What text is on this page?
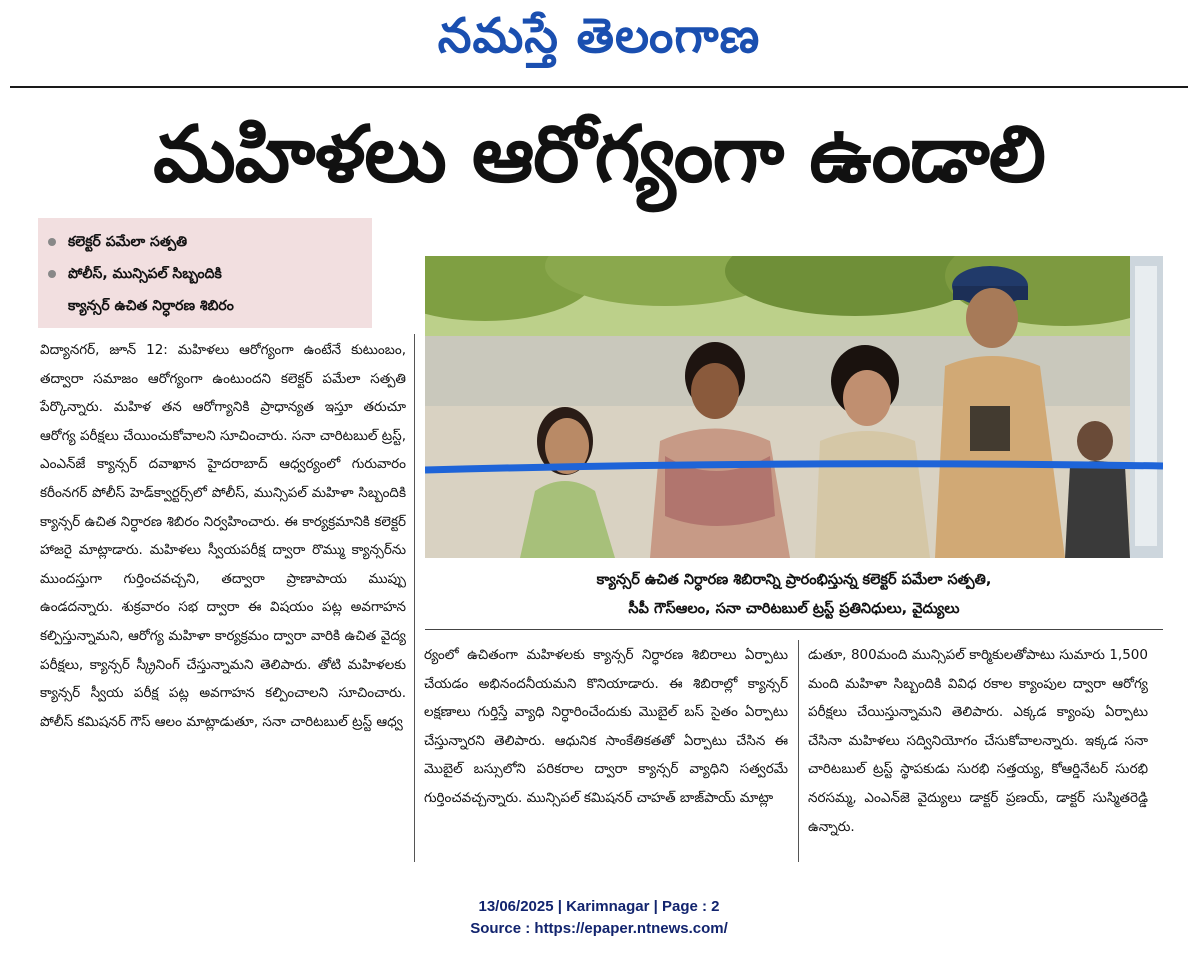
నమస్తే తెలంగాణ
మహిళలు ఆరోగ్యంగా ఉండాలి
కలెక్టర్ పమేలా సత్పతి
పోలీస్, మున్సిపల్ సిబ్బందికి
క్యాన్సర్ ఉచిత నిర్ధారణ శిబిరం
విద్యానగర్, జూన్ 12: మహిళలు ఆరోగ్యంగా ఉంటేనే కుటుంబం, తద్వారా సమాజం ఆరోగ్యంగా ఉంటుందని కలెక్టర్ పమేలా సత్పతి పేర్కొన్నారు. మహిళ తన ఆరోగ్యానికి ప్రాధాన్యత ఇస్తూ తరుచూ ఆరోగ్య పరీక్షలు చేయించుకోవాలని సూచించారు. సనా చారిటబుల్ ట్రస్ట్, ఎంఎన్‌జే క్యాన్సర్ దవాఖాన హైదరాబాద్ ఆధ్వర్యంలో గురువారం కరీంనగర్ పోలీస్ హెడ్‌క్వార్టర్స్‌లో పోలీస్, మున్సిపల్ మహిళా సిబ్బందికి క్యాన్సర్ ఉచిత నిర్ధారణ శిబిరం నిర్వహించారు. ఈ కార్యక్రమానికి కలెక్టర్ హాజరై మాట్లాడారు. మహిళలు స్వీయపరీక్ష ద్వారా రొమ్ము క్యాన్సర్‌ను ముందస్తుగా గుర్తించవచ్చని, తద్వారా ప్రాణాపాయ ముప్పు ఉండదన్నారు. శుక్రవారం సభ ద్వారా ఈ విషయం పట్ల అవగాహన కల్పిస్తున్నామని, ఆరోగ్య మహిళా కార్యక్రమం ద్వారా వారికి ఉచిత వైద్య పరీక్షలు, క్యాన్సర్ స్క్రీనింగ్ చేస్తున్నామని తెలిపారు. తోటి మహిళలకు క్యాన్సర్ స్వీయ పరీక్ష పట్ల అవగాహన కల్పించాలని సూచించారు. పోలీస్ కమిషనర్ గౌస్ ఆలం మాట్లాడుతూ, సనా చారిటబుల్ ట్రస్ట్ ఆధ్వ
క్యాన్సర్ ఉచిత నిర్ధారణ శిబిరాన్ని ప్రారంభిస్తున్న కలెక్టర్ పమేలా సత్పతి,
సీపీ గౌస్ఆలం, సనా చారిటబుల్ ట్రస్ట్ ప్రతినిధులు, వైద్యులు
ర్యంలో ఉచితంగా మహిళలకు క్యాన్సర్ నిర్ధారణ శిబిరాలు ఏర్పాటు చేయడం అభినందనీయమని కొనియాడారు. ఈ శిబిరాల్లో క్యాన్సర్ లక్షణాలు గుర్తిస్తే వ్యాధి నిర్ధారించేందుకు మొబైల్ బస్ సైతం ఏర్పాటు చేస్తున్నారని తెలిపారు. ఆధునిక సాంకేతికతతో ఏర్పాటు చేసిన ఈ మొబైల్ బస్సులోని పరికరాల ద్వారా క్యాన్సర్ వ్యాధిని సత్వరమే గుర్తించవచ్చన్నారు. మున్సిపల్ కమిషనర్ చాహత్ బాజ్‌పాయ్ మాట్లా
డుతూ, 800మంది మున్సిపల్ కార్మికులతోపాటు సుమారు 1,500 మంది మహిళా సిబ్బందికి వివిధ రకాల క్యాంపుల ద్వారా ఆరోగ్య పరీక్షలు చేయిస్తున్నామని తెలిపారు. ఎక్కడ క్యాంపు ఏర్పాటు చేసినా మహిళలు సద్వినియోగం చేసుకోవాలన్నారు. ఇక్కడ సనా చారిటబుల్ ట్రస్ట్ స్థాపకుడు సురభి సత్తయ్య, కోఆర్డినేటర్ సురభి నరసమ్మ, ఎంఎన్‌జె వైద్యులు డాక్టర్ ప్రణయ్, డాక్టర్ సుస్మితరెడ్డి ఉన్నారు.
13/06/2025 | Karimnagar | Page : 2
Source : https://epaper.ntnews.com/
